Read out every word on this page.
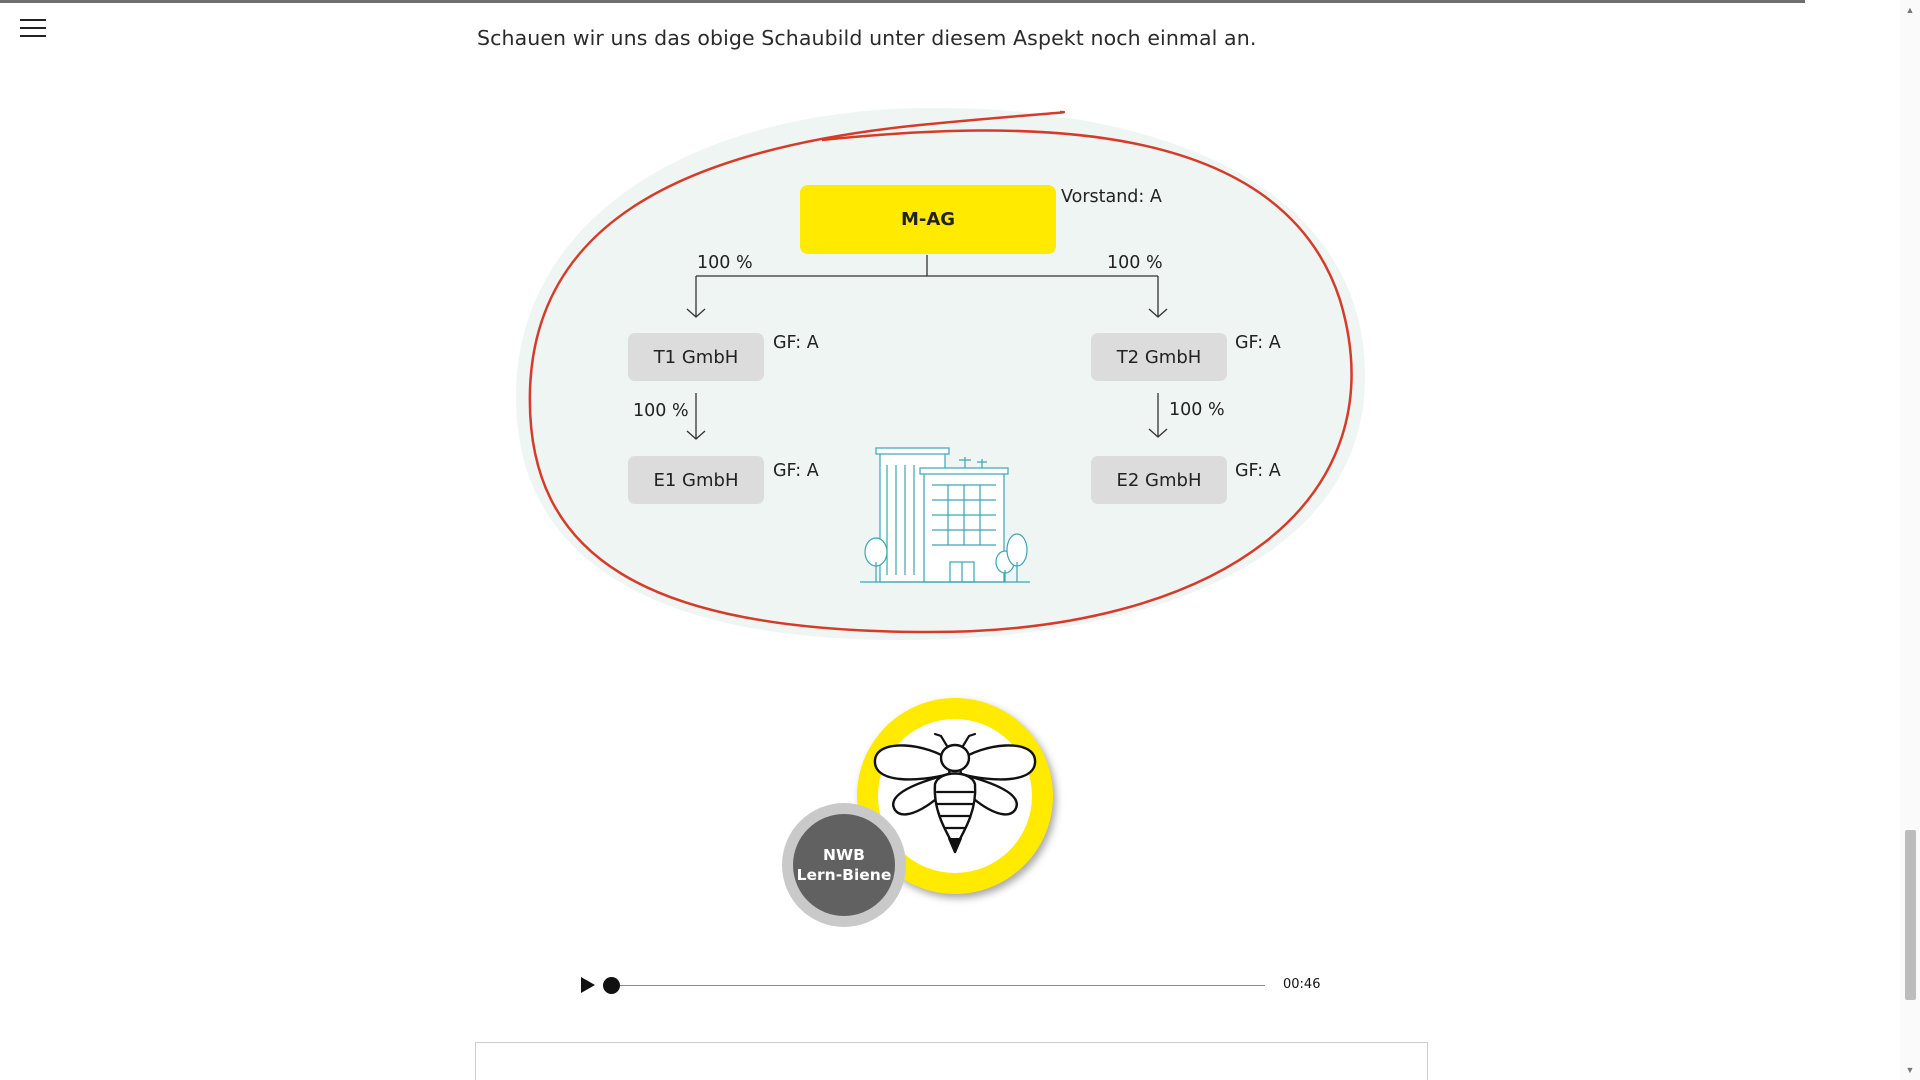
▲
▼

Schauen wir uns das obige Schaubild unter diesem Aspekt noch einmal an.

M-AG
Vorstand: A
100 %	100 %
T1 GmbH
GF: A
T2 GmbH
GF: A
100 %	100 %
E1 GmbH	GF: A	E2 GmbH	GF: A
NWB
Lern-Biene
00:46
